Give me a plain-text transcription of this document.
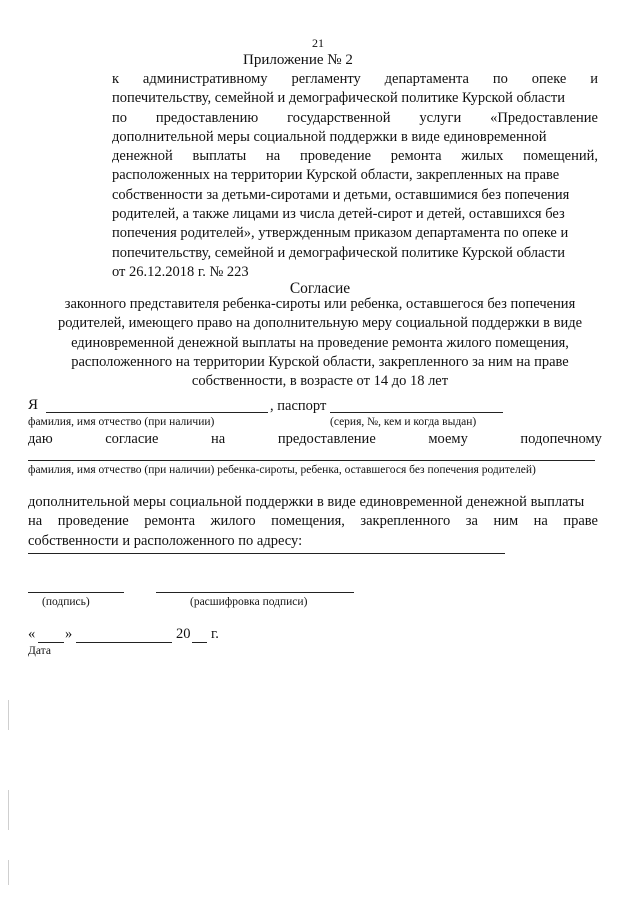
21
Приложение № 2
к административному регламенту департамента по опеке и
попечительству, семейной и демографической политике Курской области
по предоставлению государственной услуги «Предоставление
дополнительной меры социальной поддержки в виде единовременной
денежной выплаты на проведение ремонта жилых помещений,
расположенных на территории Курской области, закрепленных на праве
собственности за детьми-сиротами и детьми, оставшимися без попечения
родителей, а также лицами из числа детей-сирот и детей, оставшихся без
попечения родителей», утвержденным приказом департамента по опеке и
попечительству, семейной и демографической политике Курской области
от 26.12.2018 г. № 223
Согласие
законного представителя ребенка-сироты или ребенка, оставшегося без попечения
родителей, имеющего право на дополнительную меру социальной поддержки в виде
единовременной денежной выплаты на проведение ремонта жилого помещения,
расположенного на территории Курской области, закрепленного за ним на праве
собственности, в возрасте от 14 до 18 лет
Я	, паспорт
фамилия, имя отчество (при наличии)	(серия, №, кем и когда выдан)
даю	согласие	на	предоставление	моему	подопечному
фамилия, имя отчество (при наличии) ребенка-сироты, ребенка, оставшегося без попечения родителей)
дополнительной меры социальной поддержки в виде единовременной денежной выплаты
на проведение ремонта жилого помещения, закрепленного за ним на праве
собственности и расположенного по адресу:
(подпись)	(расшифровка подписи)
« »	20 г.
Дата
